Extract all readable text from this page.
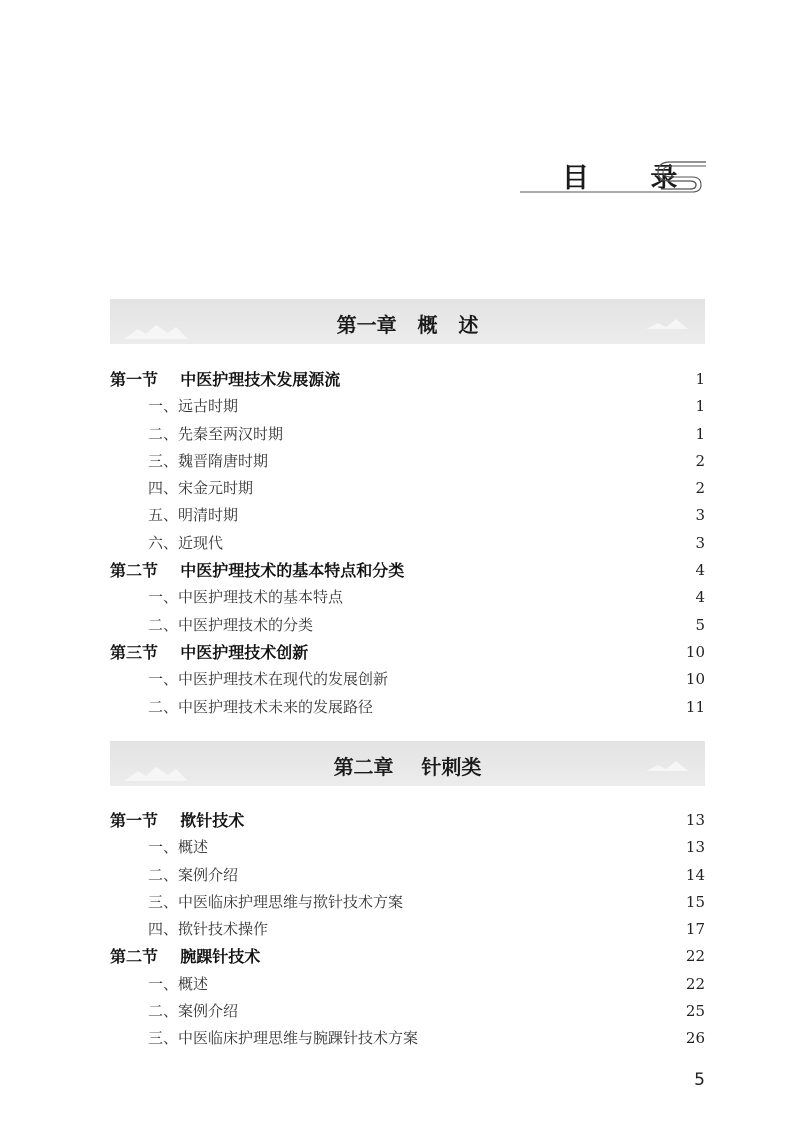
目 录
第一章   概   述
第一节    中医护理技术发展源流	1
一、远古时期	1
二、先秦至两汉时期	1
三、魏晋隋唐时期	2
四、宋金元时期	2
五、明清时期	3
六、近现代	3
第二节    中医护理技术的基本特点和分类	4
一、中医护理技术的基本特点	4
二、中医护理技术的分类	5
第三节    中医护理技术创新	10
一、中医护理技术在现代的发展创新	10
二、中医护理技术未来的发展路径	11
第二章    针刺类
第一节    揿针技术	13
一、概述	13
二、案例介绍	14
三、中医临床护理思维与揿针技术方案	15
四、揿针技术操作	17
第二节    腕踝针技术	22
一、概述	22
二、案例介绍	25
三、中医临床护理思维与腕踝针技术方案	26
5
